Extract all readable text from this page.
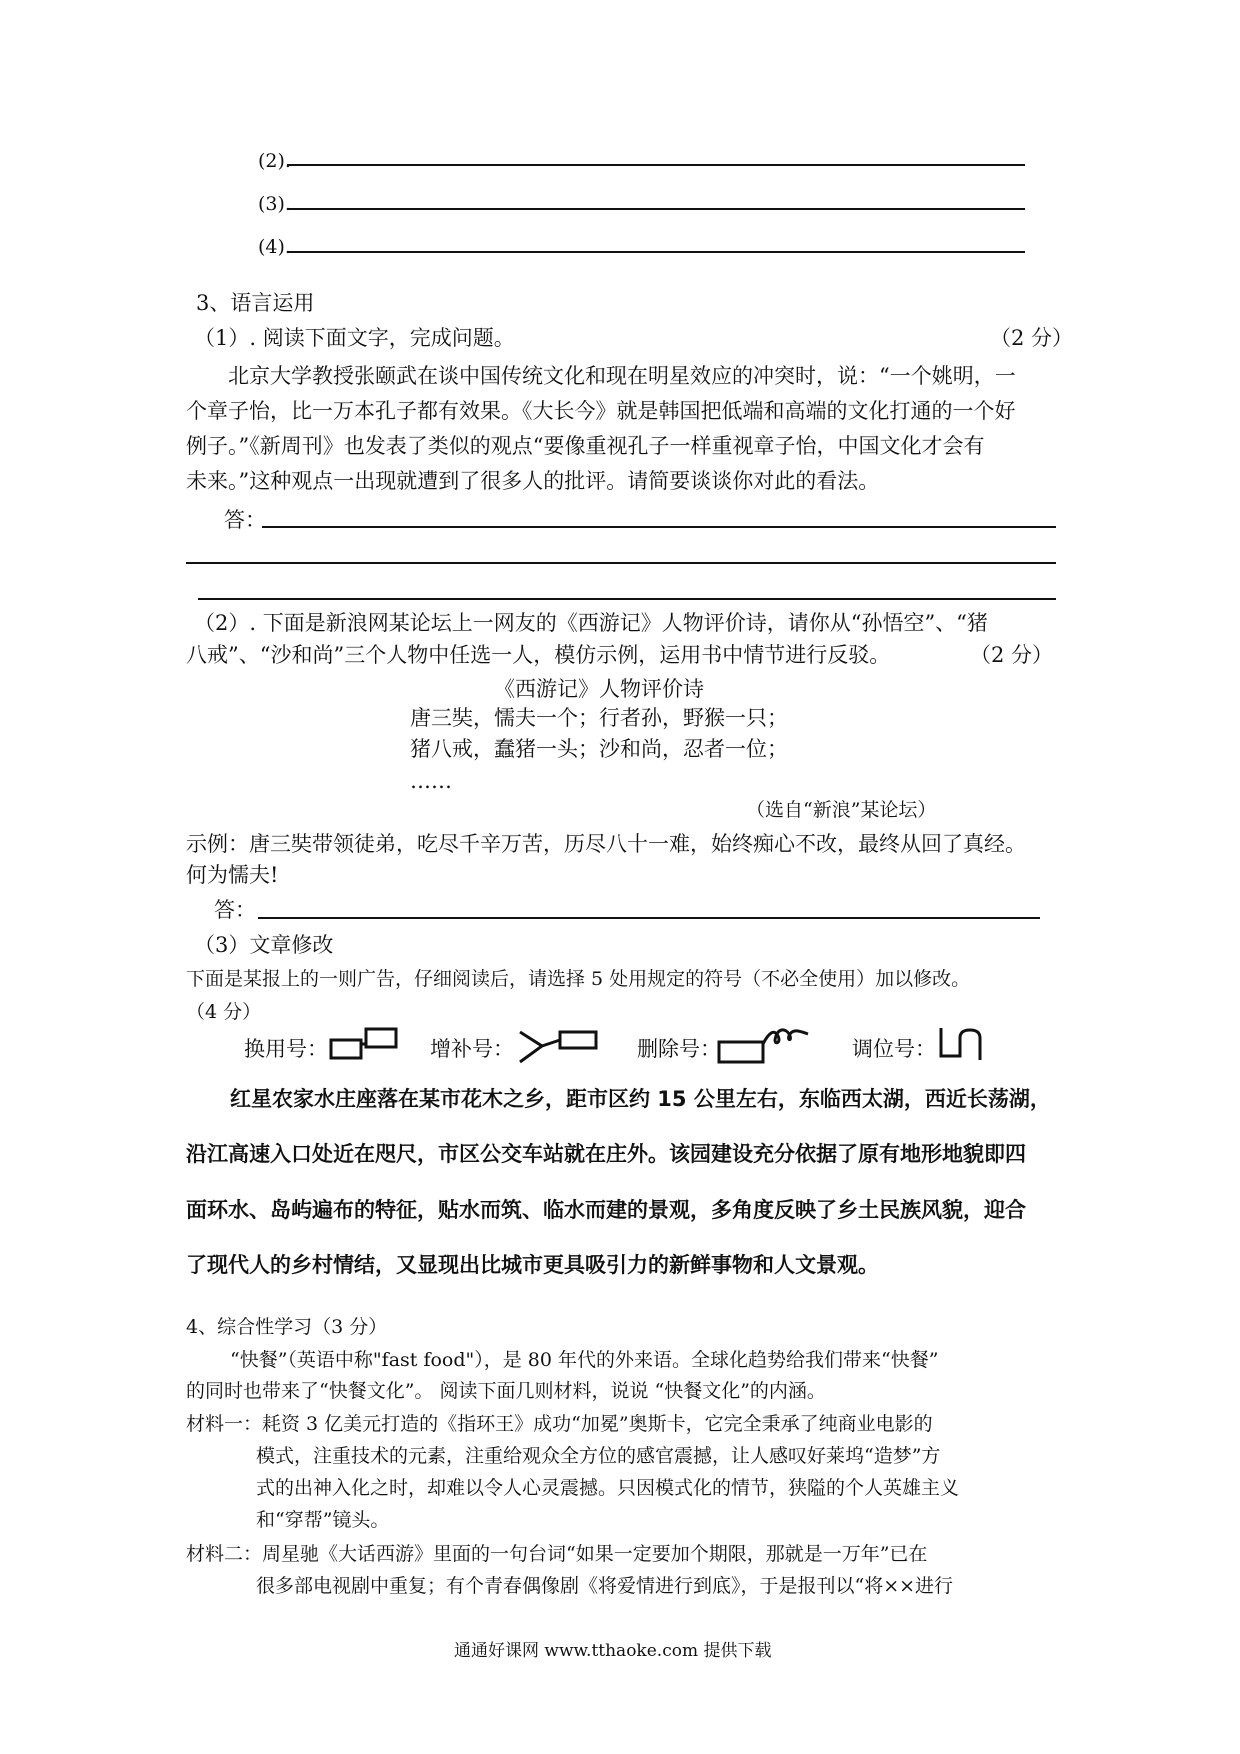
(2).
(3).
(4).
3、语言运用
（1）. 阅读下面文字，完成问题。	（2 分）
北京大学教授张颐武在谈中国传统文化和现在明星效应的冲突时，说：“一个姚明，一
个章子怡，比一万本孔子都有效果。《大长今》就是韩国把低端和高端的文化打通的一个好
例子。”《新周刊》也发表了类似的观点“要像重视孔子一样重视章子怡，中国文化才会有
未来。”这种观点一出现就遭到了很多人的批评。请简要谈谈你对此的看法。
答：
（2）. 下面是新浪网某论坛上一网友的《西游记》人物评价诗，请你从“孙悟空”、“猪
八戒”、“沙和尚”三个人物中任选一人，模仿示例，运用书中情节进行反驳。	（2 分）
《西游记》人物评价诗
唐三奘，懦夫一个；行者孙，野猴一只；
猪八戒，蠢猪一头；沙和尚，忍者一位；
……
（选自“新浪”某论坛）
示例：唐三奘带领徒弟，吃尽千辛万苦，历尽八十一难，始终痴心不改，最终从回了真经。
何为懦夫!
答：
（3）文章修改
下面是某报上的一则广告，仔细阅读后，请选择 5 处用规定的符号（不必全使用）加以修改。
（4 分）
换用号：	增补号：	删除号：	调位号：
红星农家水庄座落在某市花木之乡，距市区约 15 公里左右，东临西太湖，西近长荡湖，
沿江高速入口处近在咫尺，市区公交车站就在庄外。该园建设充分依据了原有地形地貌即四
面环水、岛屿遍布的特征，贴水而筑、临水而建的景观，多角度反映了乡土民族风貌，迎合
了现代人的乡村情结，又显现出比城市更具吸引力的新鲜事物和人文景观。
4、综合性学习（3 分）
“快餐”（英语中称"fast food"），是 80 年代的外来语。全球化趋势给我们带来“快餐”
的同时也带来了“快餐文化”。 阅读下面几则材料，说说 “快餐文化”的内涵。
材料一：耗资 3 亿美元打造的《指环王》成功“加冕”奥斯卡，它完全秉承了纯商业电影的
模式，注重技术的元素，注重给观众全方位的感官震撼，让人感叹好莱坞“造梦”方
式的出神入化之时，却难以令人心灵震撼。只因模式化的情节，狭隘的个人英雄主义
和“穿帮”镜头。
材料二：周星驰《大话西游》里面的一句台词“如果一定要加个期限，那就是一万年”已在
很多部电视剧中重复；有个青春偶像剧《将爱情进行到底》，于是报刊以“将××进行
通通好课网 www.tthaoke.com 提供下载
